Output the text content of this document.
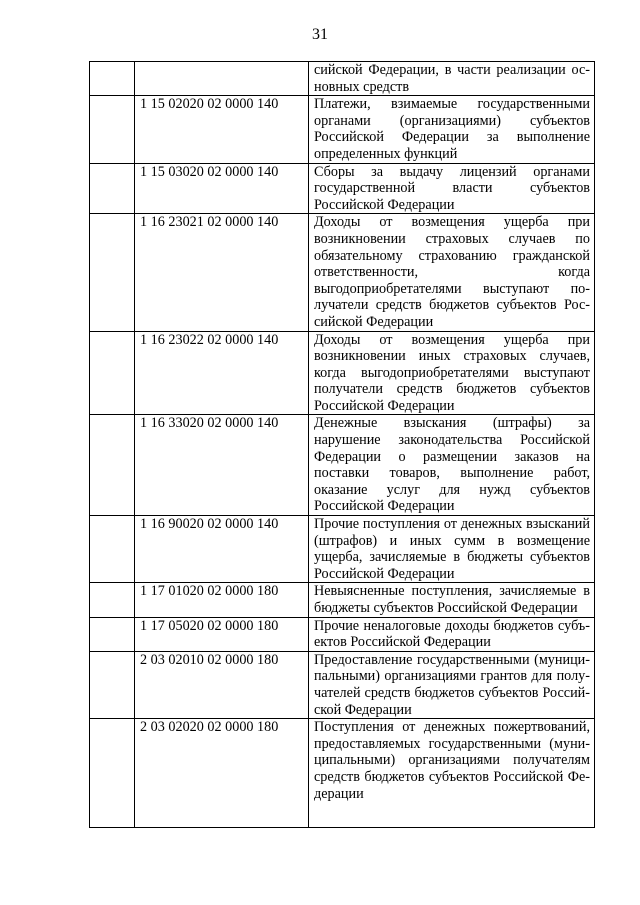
31
		сийской Федерации, в части реализации основных средств
	1 15 02020 02 0000 140	Платежи, взимаемые государственными органами (организациями) субъектов Российской Федерации за выполнение определенных функций
	1 15 03020 02 0000 140	Сборы за выдачу лицензий органами государственной власти субъектов Российской Федерации
	1 16 23021 02 0000 140	Доходы от возмещения ущерба при возникновении страховых случаев по обязательному страхованию гражданской ответственности, когда выгодоприобретателями выступают получатели средств бюджетов субъектов Российской Федерации
	1 16 23022 02 0000 140	Доходы от возмещения ущерба при возникновении иных страховых случаев, когда выгодоприобретателями выступают получатели средств бюджетов субъектов Российской Федерации
	1 16 33020 02 0000 140	Денежные взыскания (штрафы) за нарушение законодательства Российской Федерации о размещении заказов на поставки товаров, выполнение работ, оказание услуг для нужд субъектов Российской Федерации
	1 16 90020 02 0000 140	Прочие поступления от денежных взысканий (штрафов) и иных сумм в возмещение ущерба, зачисляемые в бюджеты субъектов Российской Федерации
	1 17 01020 02 0000 180	Невыясненные поступления, зачисляемые в бюджеты субъектов Российской Федерации
	1 17 05020 02 0000 180	Прочие неналоговые доходы бюджетов субъектов Российской Федерации
	2 03 02010 02 0000 180	Предоставление государственными (муниципальными) организациями грантов для получателей средств бюджетов субъектов Российской Федерации
	2 03 02020 02 0000 180	Поступления от денежных пожертвований, предоставляемых государственными (муниципальными) организациями получателям средств бюджетов субъектов Российской Федерации
